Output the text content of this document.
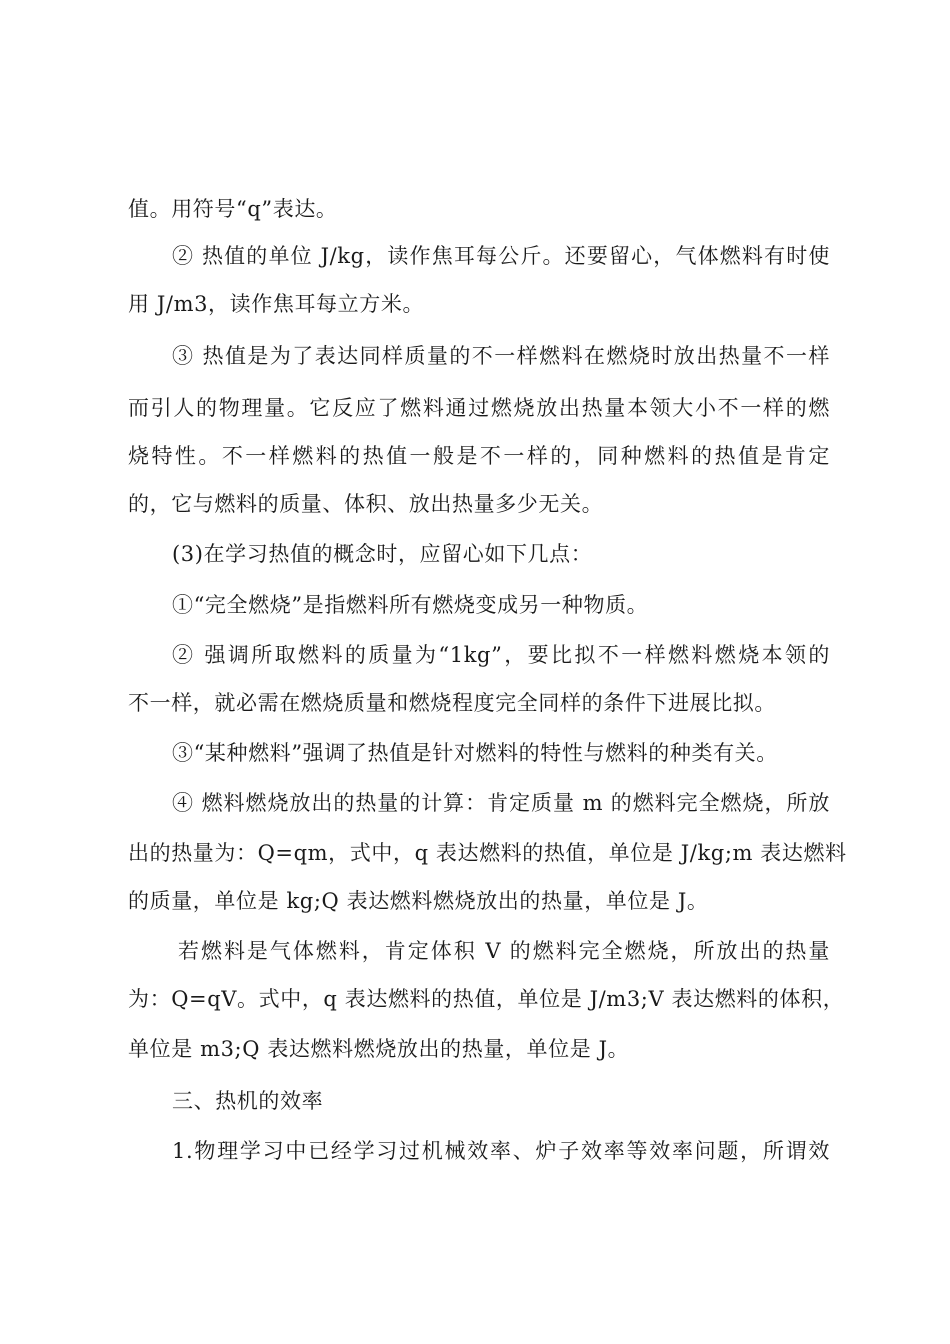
值。用符号“q”表达。
② 热值的单位 J/kg，读作焦耳每公斤。还要留心，气体燃料有时使
用 J/m3，读作焦耳每立方米。
③ 热值是为了表达同样质量的不一样燃料在燃烧时放出热量不一样
而引人的物理量。它反应了燃料通过燃烧放出热量本领大小不一样的燃
烧特性。不一样燃料的热值一般是不一样的，同种燃料的热值是肯定
的，它与燃料的质量、体积、放出热量多少无关。
(3)在学习热值的概念时，应留心如下几点：
①“完全燃烧”是指燃料所有燃烧变成另一种物质。
② 强调所取燃料的质量为“1kg”，要比拟不一样燃料燃烧本领的
不一样，就必需在燃烧质量和燃烧程度完全同样的条件下进展比拟。
③“某种燃料”强调了热值是针对燃料的特性与燃料的种类有关。
④ 燃料燃烧放出的热量的计算：肯定质量 m 的燃料完全燃烧，所放
出的热量为：Q=qm，式中，q 表达燃料的热值，单位是 J/kg;m 表达燃料
的质量，单位是 kg;Q 表达燃料燃烧放出的热量，单位是 J。
若燃料是气体燃料，肯定体积 V 的燃料完全燃烧，所放出的热量
为：Q=qV。式中，q 表达燃料的热值，单位是 J/m3;V 表达燃料的体积，
单位是 m3;Q 表达燃料燃烧放出的热量，单位是 J。
三、热机的效率
1.物理学习中已经学习过机械效率、炉子效率等效率问题，所谓效
